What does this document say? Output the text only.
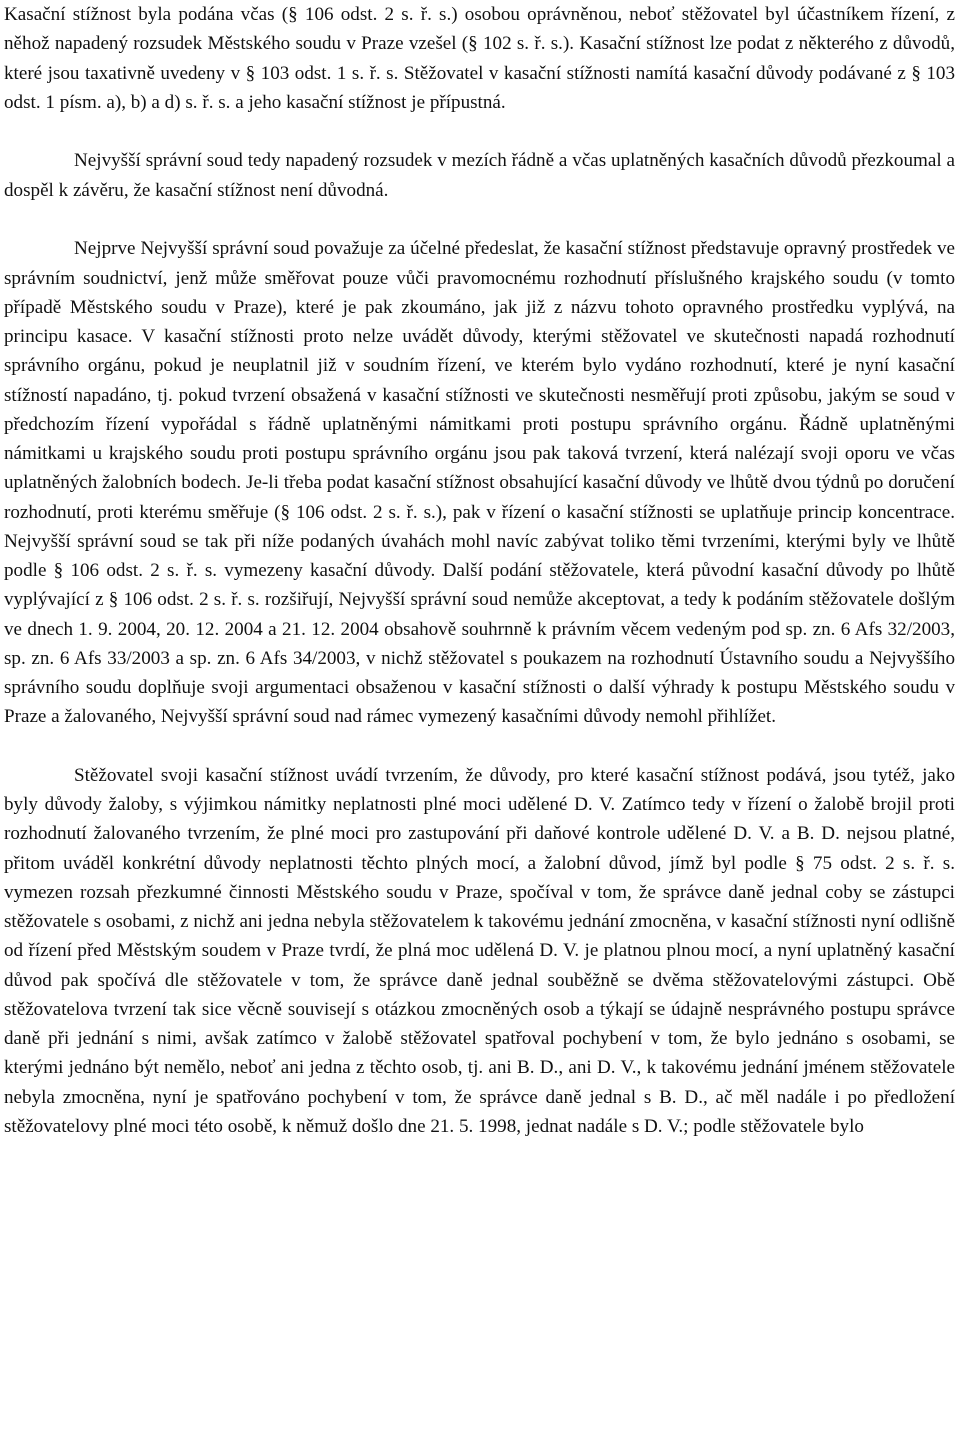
Kasační stížnost byla podána včas (§ 106 odst. 2 s. ř. s.) osobou oprávněnou, neboť stěžovatel byl účastníkem řízení, z něhož napadený rozsudek Městského soudu v Praze vzešel (§ 102 s. ř. s.). Kasační stížnost lze podat z některého z důvodů, které jsou taxativně uvedeny v § 103 odst. 1 s. ř. s. Stěžovatel v kasační stížnosti namítá kasační důvody podávané z § 103 odst. 1 písm. a), b) a d) s. ř. s. a jeho kasační stížnost je přípustná.

Nejvyšší správní soud tedy napadený rozsudek v mezích řádně a včas uplatněných kasačních důvodů přezkoumal a dospěl k závěru, že kasační stížnost není důvodná.

Nejprve Nejvyšší správní soud považuje za účelné předeslat, že kasační stížnost představuje opravný prostředek ve správním soudnictví, jenž může směřovat pouze vůči pravomocnému rozhodnutí příslušného krajského soudu (v tomto případě Městského soudu v Praze), které je pak zkoumáno, jak již z názvu tohoto opravného prostředku vyplývá, na principu kasace. V kasační stížnosti proto nelze uvádět důvody, kterými stěžovatel ve skutečnosti napadá rozhodnutí správního orgánu, pokud je neuplatnil již v soudním řízení, ve kterém bylo vydáno rozhodnutí, které je nyní kasační stížností napadáno, tj. pokud tvrzení obsažená v kasační stížnosti ve skutečnosti nesměřují proti způsobu, jakým se soud v předchozím řízení vypořádal s řádně uplatněnými námitkami proti postupu správního orgánu. Řádně uplatněnými námitkami u krajského soudu proti postupu správního orgánu jsou pak taková tvrzení, která nalézají svoji oporu ve včas uplatněných žalobních bodech. Je-li třeba podat kasační stížnost obsahující kasační důvody ve lhůtě dvou týdnů po doručení rozhodnutí, proti kterému směřuje (§ 106 odst. 2 s. ř. s.), pak v řízení o kasační stížnosti se uplatňuje princip koncentrace. Nejvyšší správní soud se tak při níže podaných úvahách mohl navíc zabývat toliko těmi tvrzeními, kterými byly ve lhůtě podle § 106 odst. 2 s. ř. s. vymezeny kasační důvody. Další podání stěžovatele, která původní kasační důvody po lhůtě vyplývající z § 106 odst. 2 s. ř. s. rozšiřují, Nejvyšší správní soud nemůže akceptovat, a tedy k podáním stěžovatele došlým ve dnech 1. 9. 2004, 20. 12. 2004 a 21. 12. 2004 obsahově souhrnně k právním věcem vedeným pod sp. zn. 6 Afs 32/2003, sp. zn. 6 Afs 33/2003 a sp. zn. 6 Afs 34/2003, v nichž stěžovatel s poukazem na rozhodnutí Ústavního soudu a Nejvyššího správního soudu doplňuje svoji argumentaci obsaženou v kasační stížnosti o další výhrady k postupu Městského soudu v Praze a žalovaného, Nejvyšší správní soud nad rámec vymezený kasačními důvody nemohl přihlížet.

Stěžovatel svoji kasační stížnost uvádí tvrzením, že důvody, pro které kasační stížnost podává, jsou tytéž, jako byly důvody žaloby, s výjimkou námitky neplatnosti plné moci udělené D. V. Zatímco tedy v řízení o žalobě brojil proti rozhodnutí žalovaného tvrzením, že plné moci pro zastupování při daňové kontrole udělené D. V. a B. D. nejsou platné, přitom uváděl konkrétní důvody neplatnosti těchto plných mocí, a žalobní důvod, jímž byl podle § 75 odst. 2 s. ř. s. vymezen rozsah přezkumné činnosti Městského soudu v Praze, spočíval v tom, že správce daně jednal coby se zástupci stěžovatele s osobami, z nichž ani jedna nebyla stěžovatelem k takovému jednání zmocněna, v kasační stížnosti nyní odlišně od řízení před Městským soudem v Praze tvrdí, že plná moc udělená D. V. je platnou plnou mocí, a nyní uplatněný kasační důvod pak spočívá dle stěžovatele v tom, že správce daně jednal souběžně se dvěma stěžovatelovými zástupci. Obě stěžovatelova tvrzení tak sice věcně souvisejí s otázkou zmocněných osob a týkají se údajně nesprávného postupu správce daně při jednání s nimi, avšak zatímco v žalobě stěžovatel spatřoval pochybení v tom, že bylo jednáno s osobami, se kterými jednáno být nemělo, neboť ani jedna z těchto osob, tj. ani B. D., ani D. V., k takovému jednání jménem stěžovatele nebyla zmocněna, nyní je spatřováno pochybení v tom, že správce daně jednal s B. D., ač měl nadále i po předložení stěžovatelovy plné moci této osobě, k němuž došlo dne 21. 5. 1998, jednat nadále s D. V.; podle stěžovatele bylo
